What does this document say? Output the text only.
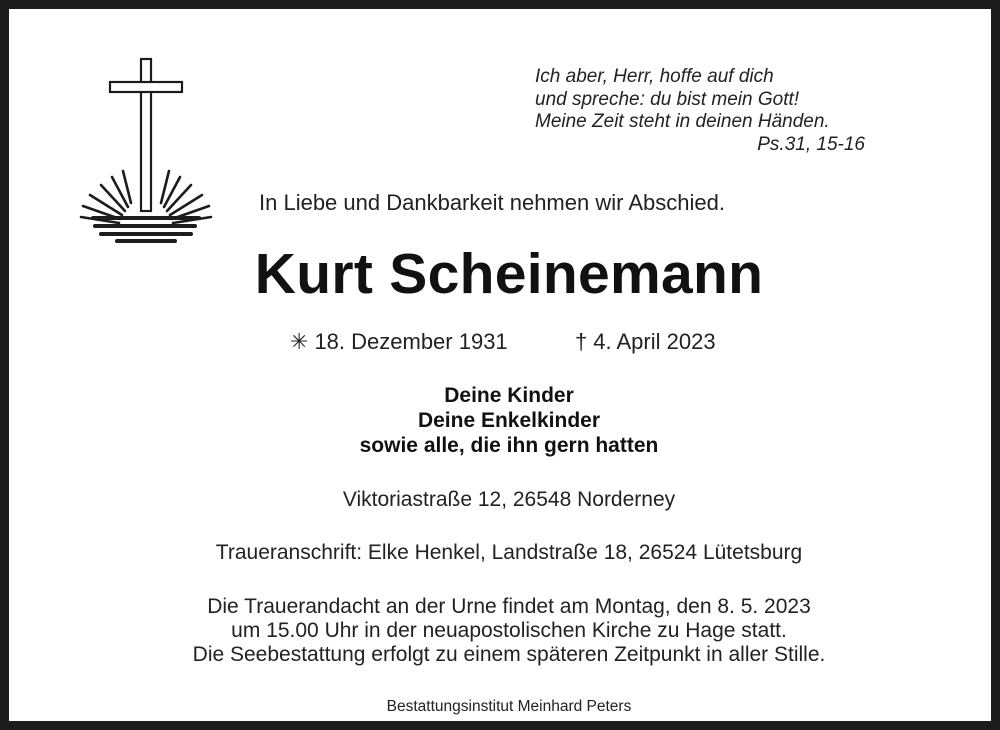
Ich aber, Herr, hoffe auf dich
und spreche: du bist mein Gott!
Meine Zeit steht in deinen Händen.
Ps.31, 15-16
In Liebe und Dankbarkeit nehmen wir Abschied.
Kurt Scheinemann
✳ 18. Dezember 1931	† 4. April 2023
Deine Kinder
Deine Enkelkinder
sowie alle, die ihn gern hatten
Viktoriastraße 12, 26548 Norderney
Traueranschrift: Elke Henkel, Landstraße 18, 26524 Lütetsburg
Die Trauerandacht an der Urne findet am Montag, den 8. 5. 2023
um 15.00 Uhr in der neuapostolischen Kirche zu Hage statt.
Die Seebestattung erfolgt zu einem späteren Zeitpunkt in aller Stille.
Bestattungsinstitut Meinhard Peters
